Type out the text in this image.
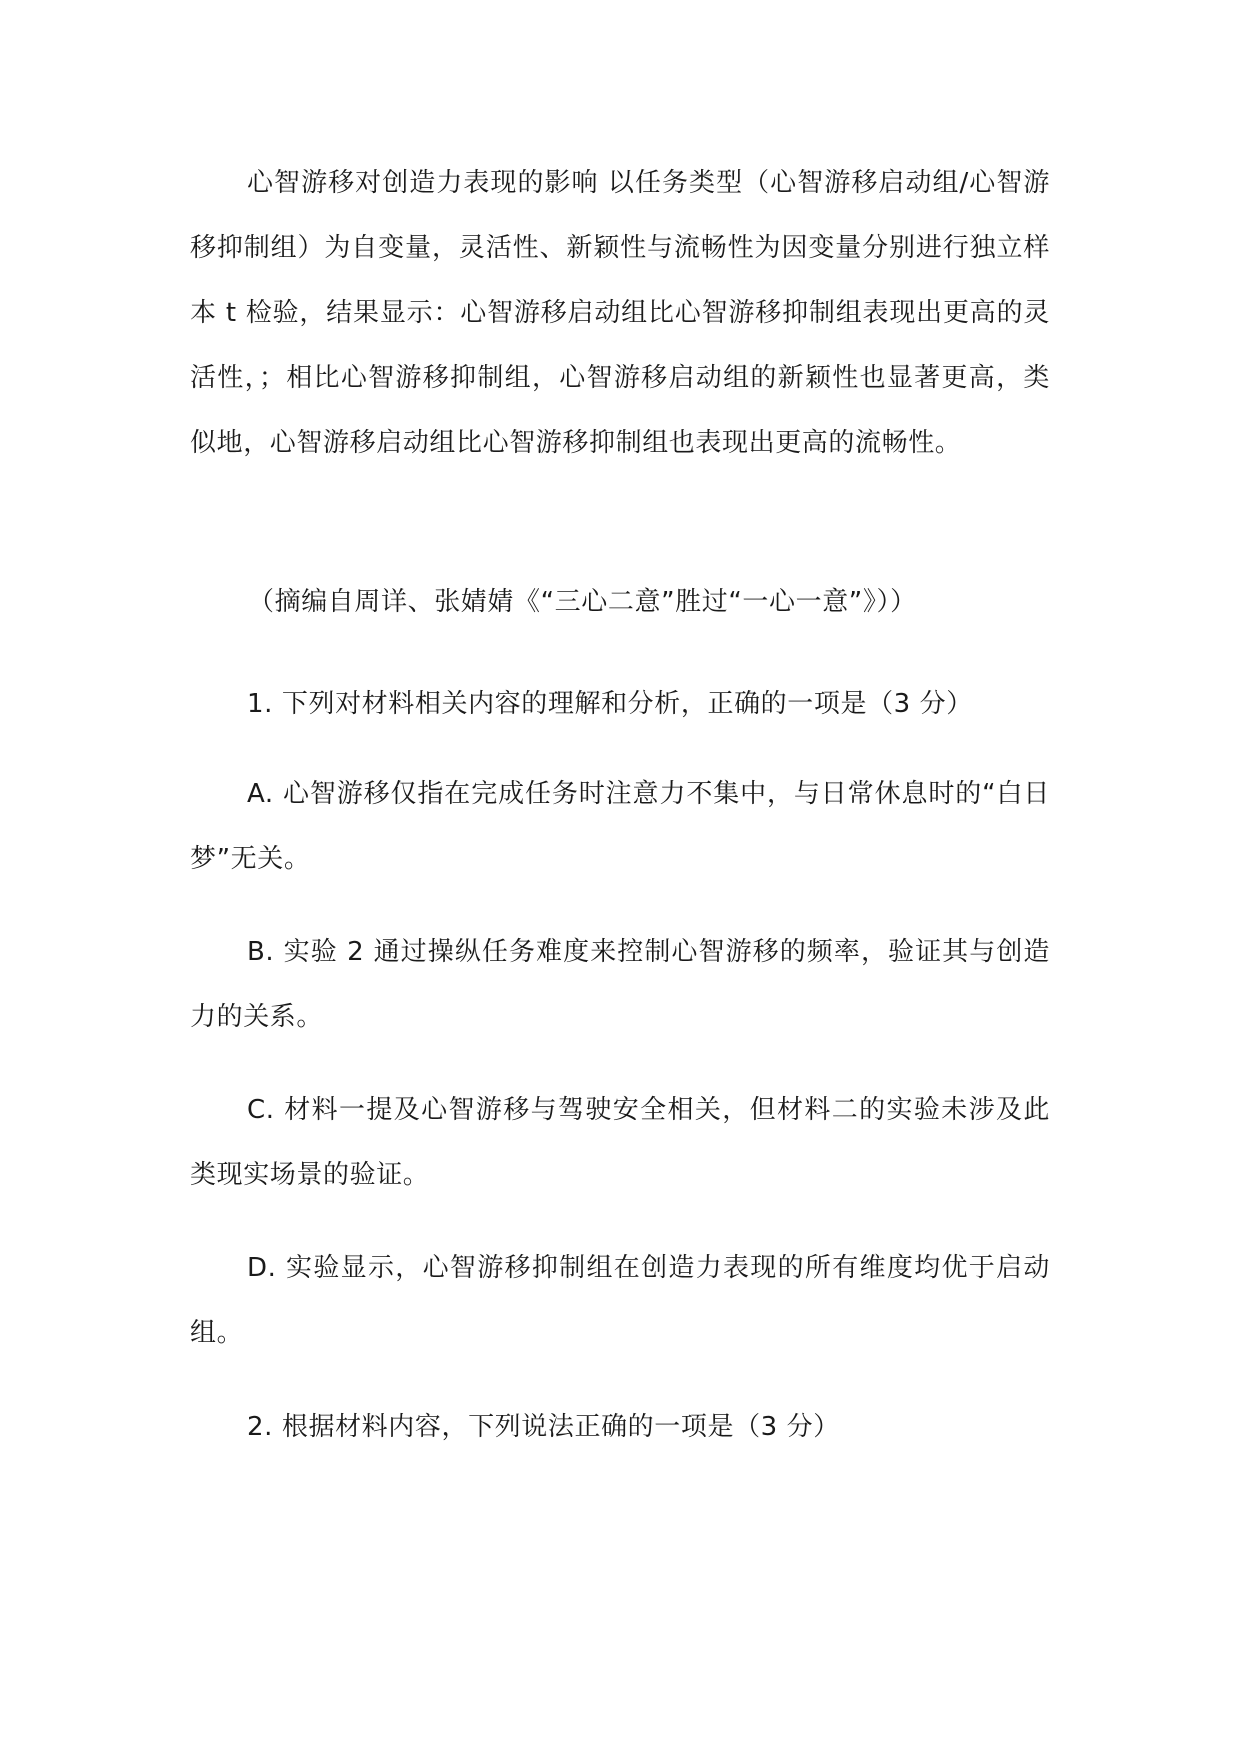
心智游移对创造力表现的影响 以任务类型（心智游移启动组/心智游移抑制组）为自变量，灵活性、新颖性与流畅性为因变量分别进行独立样本 t 检验，结果显示：心智游移启动组比心智游移抑制组表现出更高的灵活性，；相比心智游移抑制组，心智游移启动组的新颖性也显著更高，类似地，心智游移启动组比心智游移抑制组也表现出更高的流畅性。

（摘编自周详、张婧婧《“三心二意”胜过“一心一意”》））

1. 下列对材料相关内容的理解和分析，正确的一项是（3 分）

A. 心智游移仅指在完成任务时注意力不集中，与日常休息时的“白日梦”无关。

B. 实验 2 通过操纵任务难度来控制心智游移的频率，验证其与创造力的关系。

C. 材料一提及心智游移与驾驶安全相关，但材料二的实验未涉及此类现实场景的验证。

D. 实验显示，心智游移抑制组在创造力表现的所有维度均优于启动组。

2. 根据材料内容，下列说法正确的一项是（3 分）
